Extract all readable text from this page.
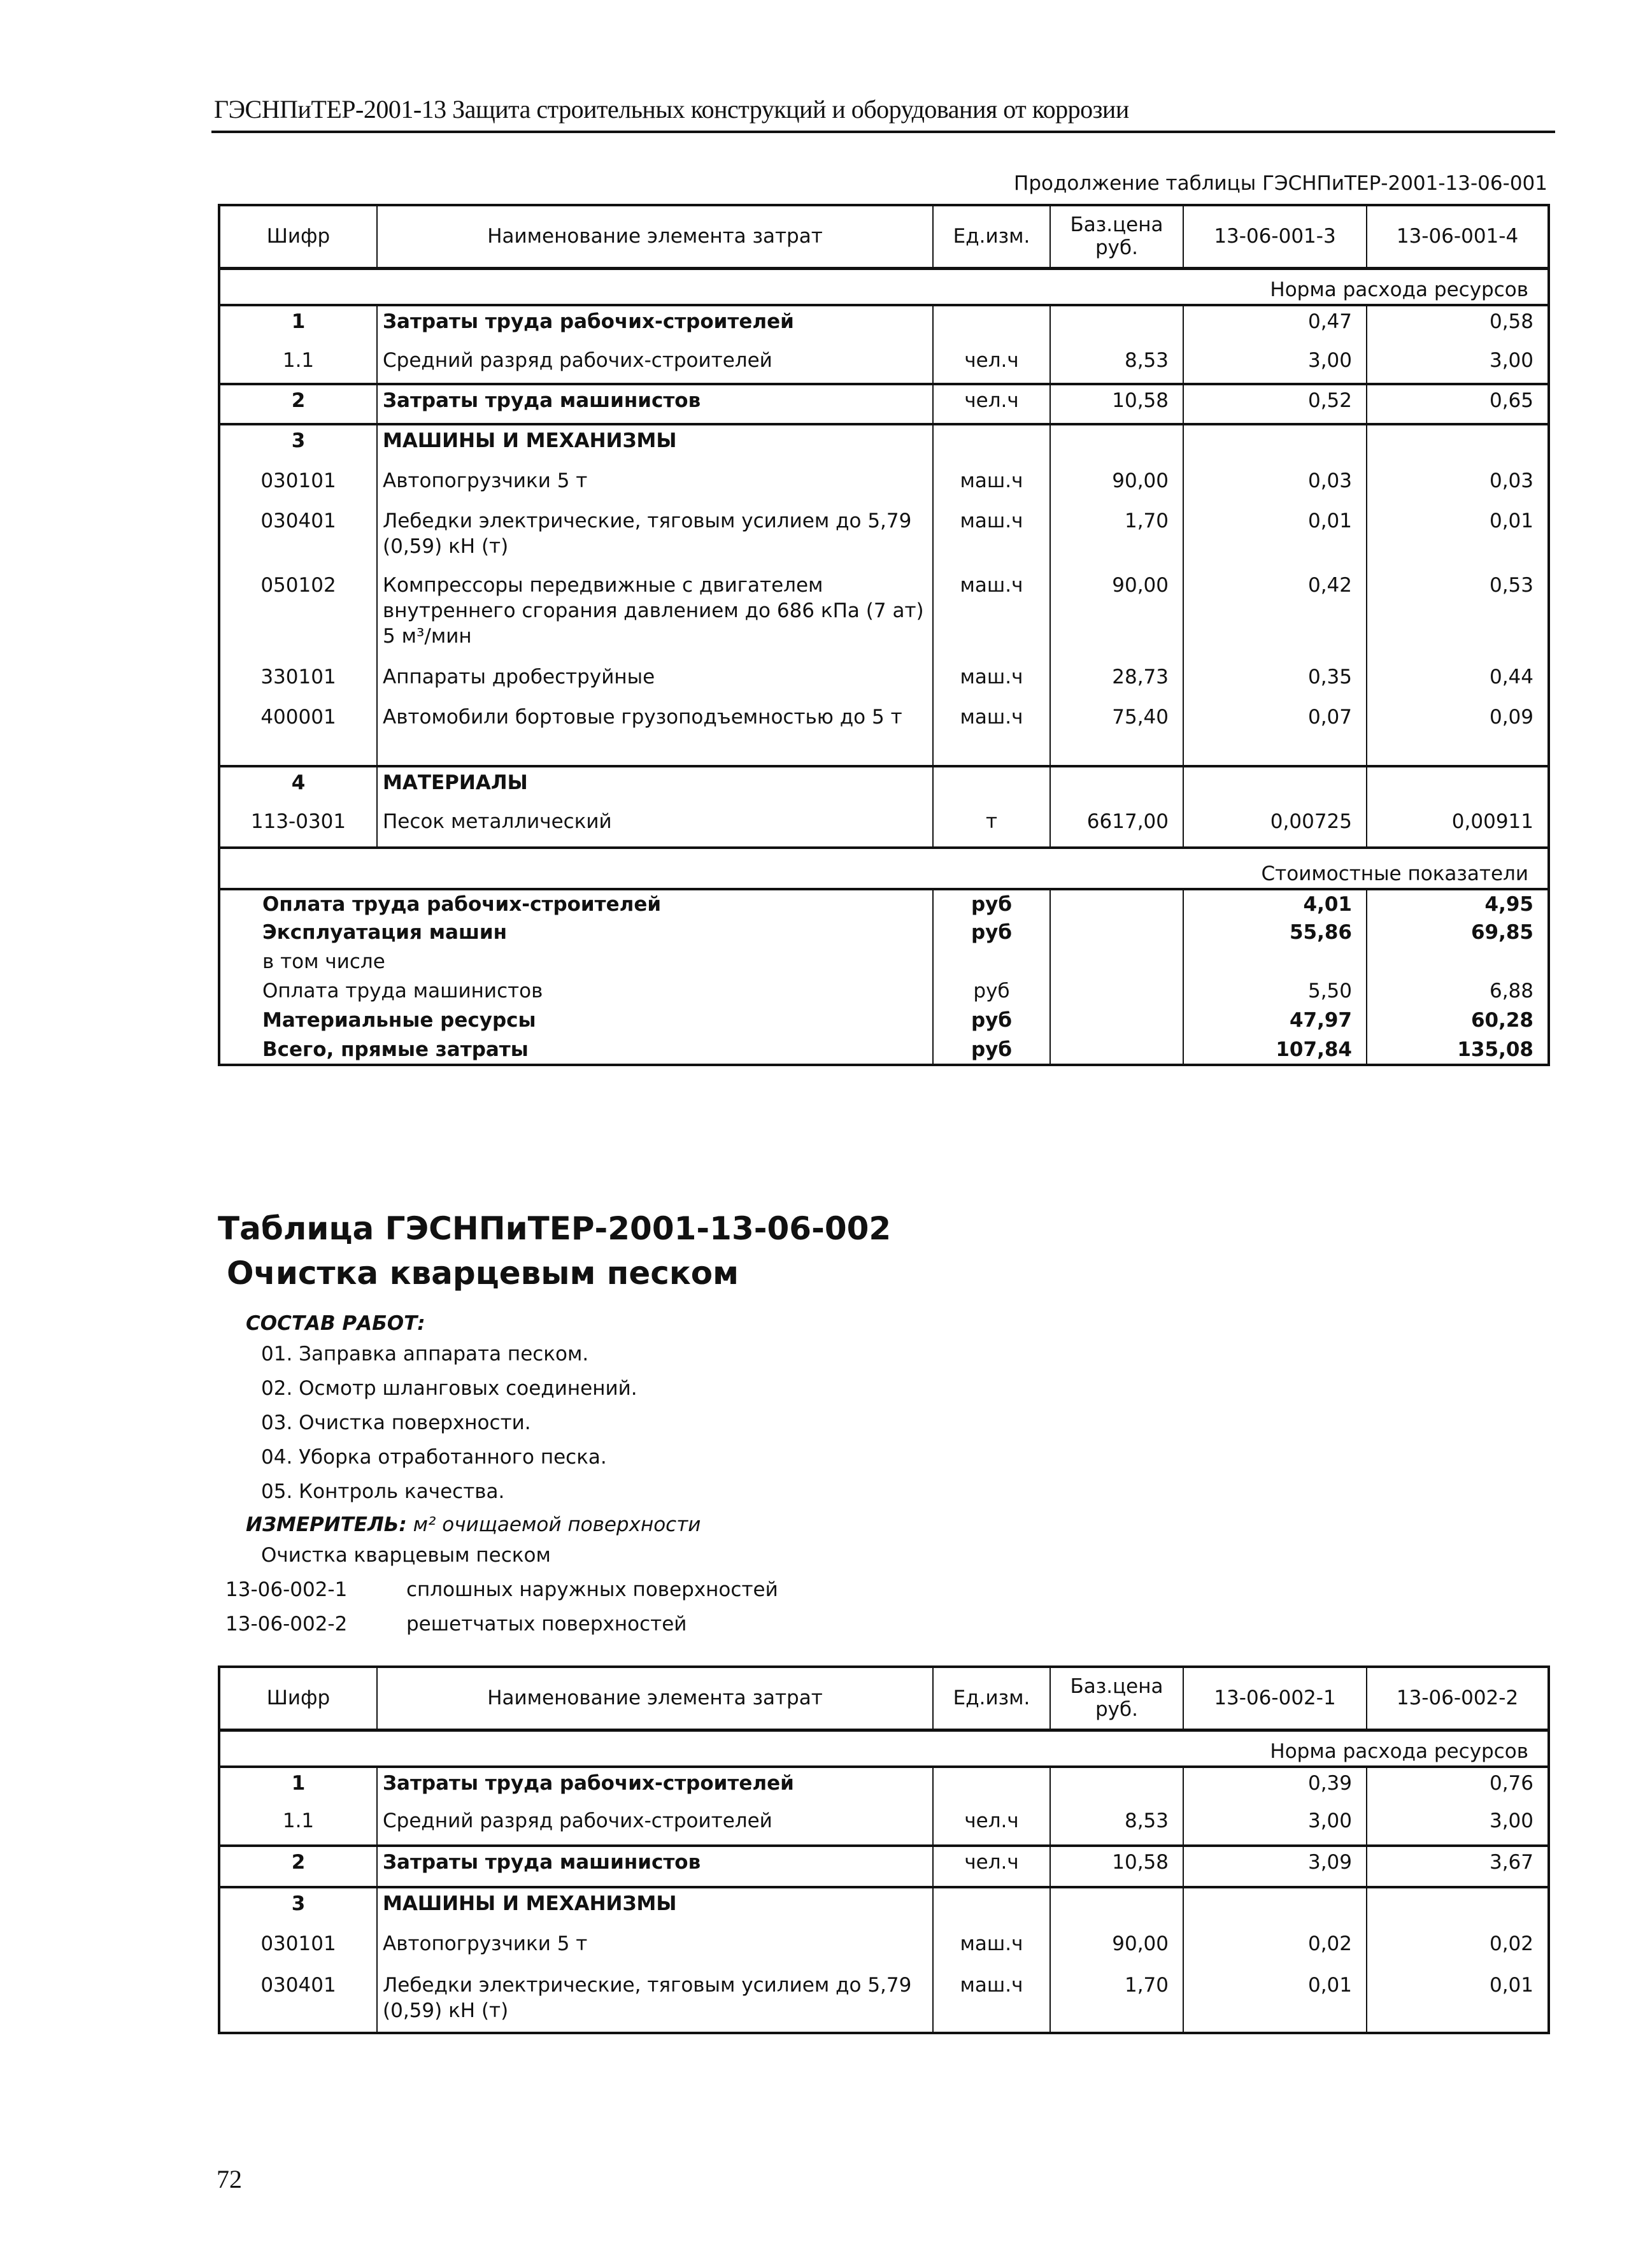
ГЭСНПиТЕР-2001-13 Защита строительных конструкций и оборудования от коррозии
Продолжение таблицы ГЭСНПиТЕР-2001-13-06-001
Шифр	Наименование элемента затрат	Ед.изм.	Баз.цена руб.	13-06-001-3	13-06-001-4
Норма расхода ресурсов					
1	Затраты труда рабочих-строителей			0,47	0,58
1.1	Средний разряд рабочих-строителей	чел.ч	8,53	3,00	3,00
2	Затраты труда машинистов	чел.ч	10,58	0,52	0,65
3	МАШИНЫ И МЕХАНИЗМЫ				
030101	Автопогрузчики 5 т	маш.ч	90,00	0,03	0,03
030401	Лебедки электрические, тяговым усилием до 5,79 (0,59) кН (т)	маш.ч	1,70	0,01	0,01
050102	Компрессоры передвижные с двигателем внутреннего сгорания давлением до 686 кПа (7 ат) 5 м³/мин	маш.ч	90,00	0,42	0,53
330101	Аппараты дробеструйные	маш.ч	28,73	0,35	0,44
400001	Автомобили бортовые грузоподъемностью до 5 т	маш.ч	75,40	0,07	0,09
4	МАТЕРИАЛЫ				
113-0301	Песок металлический	т	6617,00	0,00725	0,00911
Стоимостные показатели					
Оплата труда рабочих-строителей		руб		4,01	4,95
Эксплуатация машин		руб		55,86	69,85
в том числе					
Оплата труда машинистов		руб		5,50	6,88
Материальные ресурсы		руб		47,97	60,28
Всего, прямые затраты		руб		107,84	135,08
Таблица ГЭСНПиТЕР-2001-13-06-002
Очистка кварцевым песком
СОСТАВ РАБОТ:
01. Заправка аппарата песком.
02. Осмотр шланговых соединений.
03. Очистка поверхности.
04. Уборка отработанного песка.
05. Контроль качества.
ИЗМЕРИТЕЛЬ: м² очищаемой поверхности
Очистка кварцевым песком
13-06-002-1	сплошных наружных поверхностей
13-06-002-2	решетчатых поверхностей
Шифр	Наименование элемента затрат	Ед.изм.	Баз.цена руб.	13-06-002-1	13-06-002-2
Норма расхода ресурсов					
1	Затраты труда рабочих-строителей			0,39	0,76
1.1	Средний разряд рабочих-строителей	чел.ч	8,53	3,00	3,00
2	Затраты труда машинистов	чел.ч	10,58	3,09	3,67
3	МАШИНЫ И МЕХАНИЗМЫ				
030101	Автопогрузчики 5 т	маш.ч	90,00	0,02	0,02
030401	Лебедки электрические, тяговым усилием до 5,79 (0,59) кН (т)	маш.ч	1,70	0,01	0,01
72
